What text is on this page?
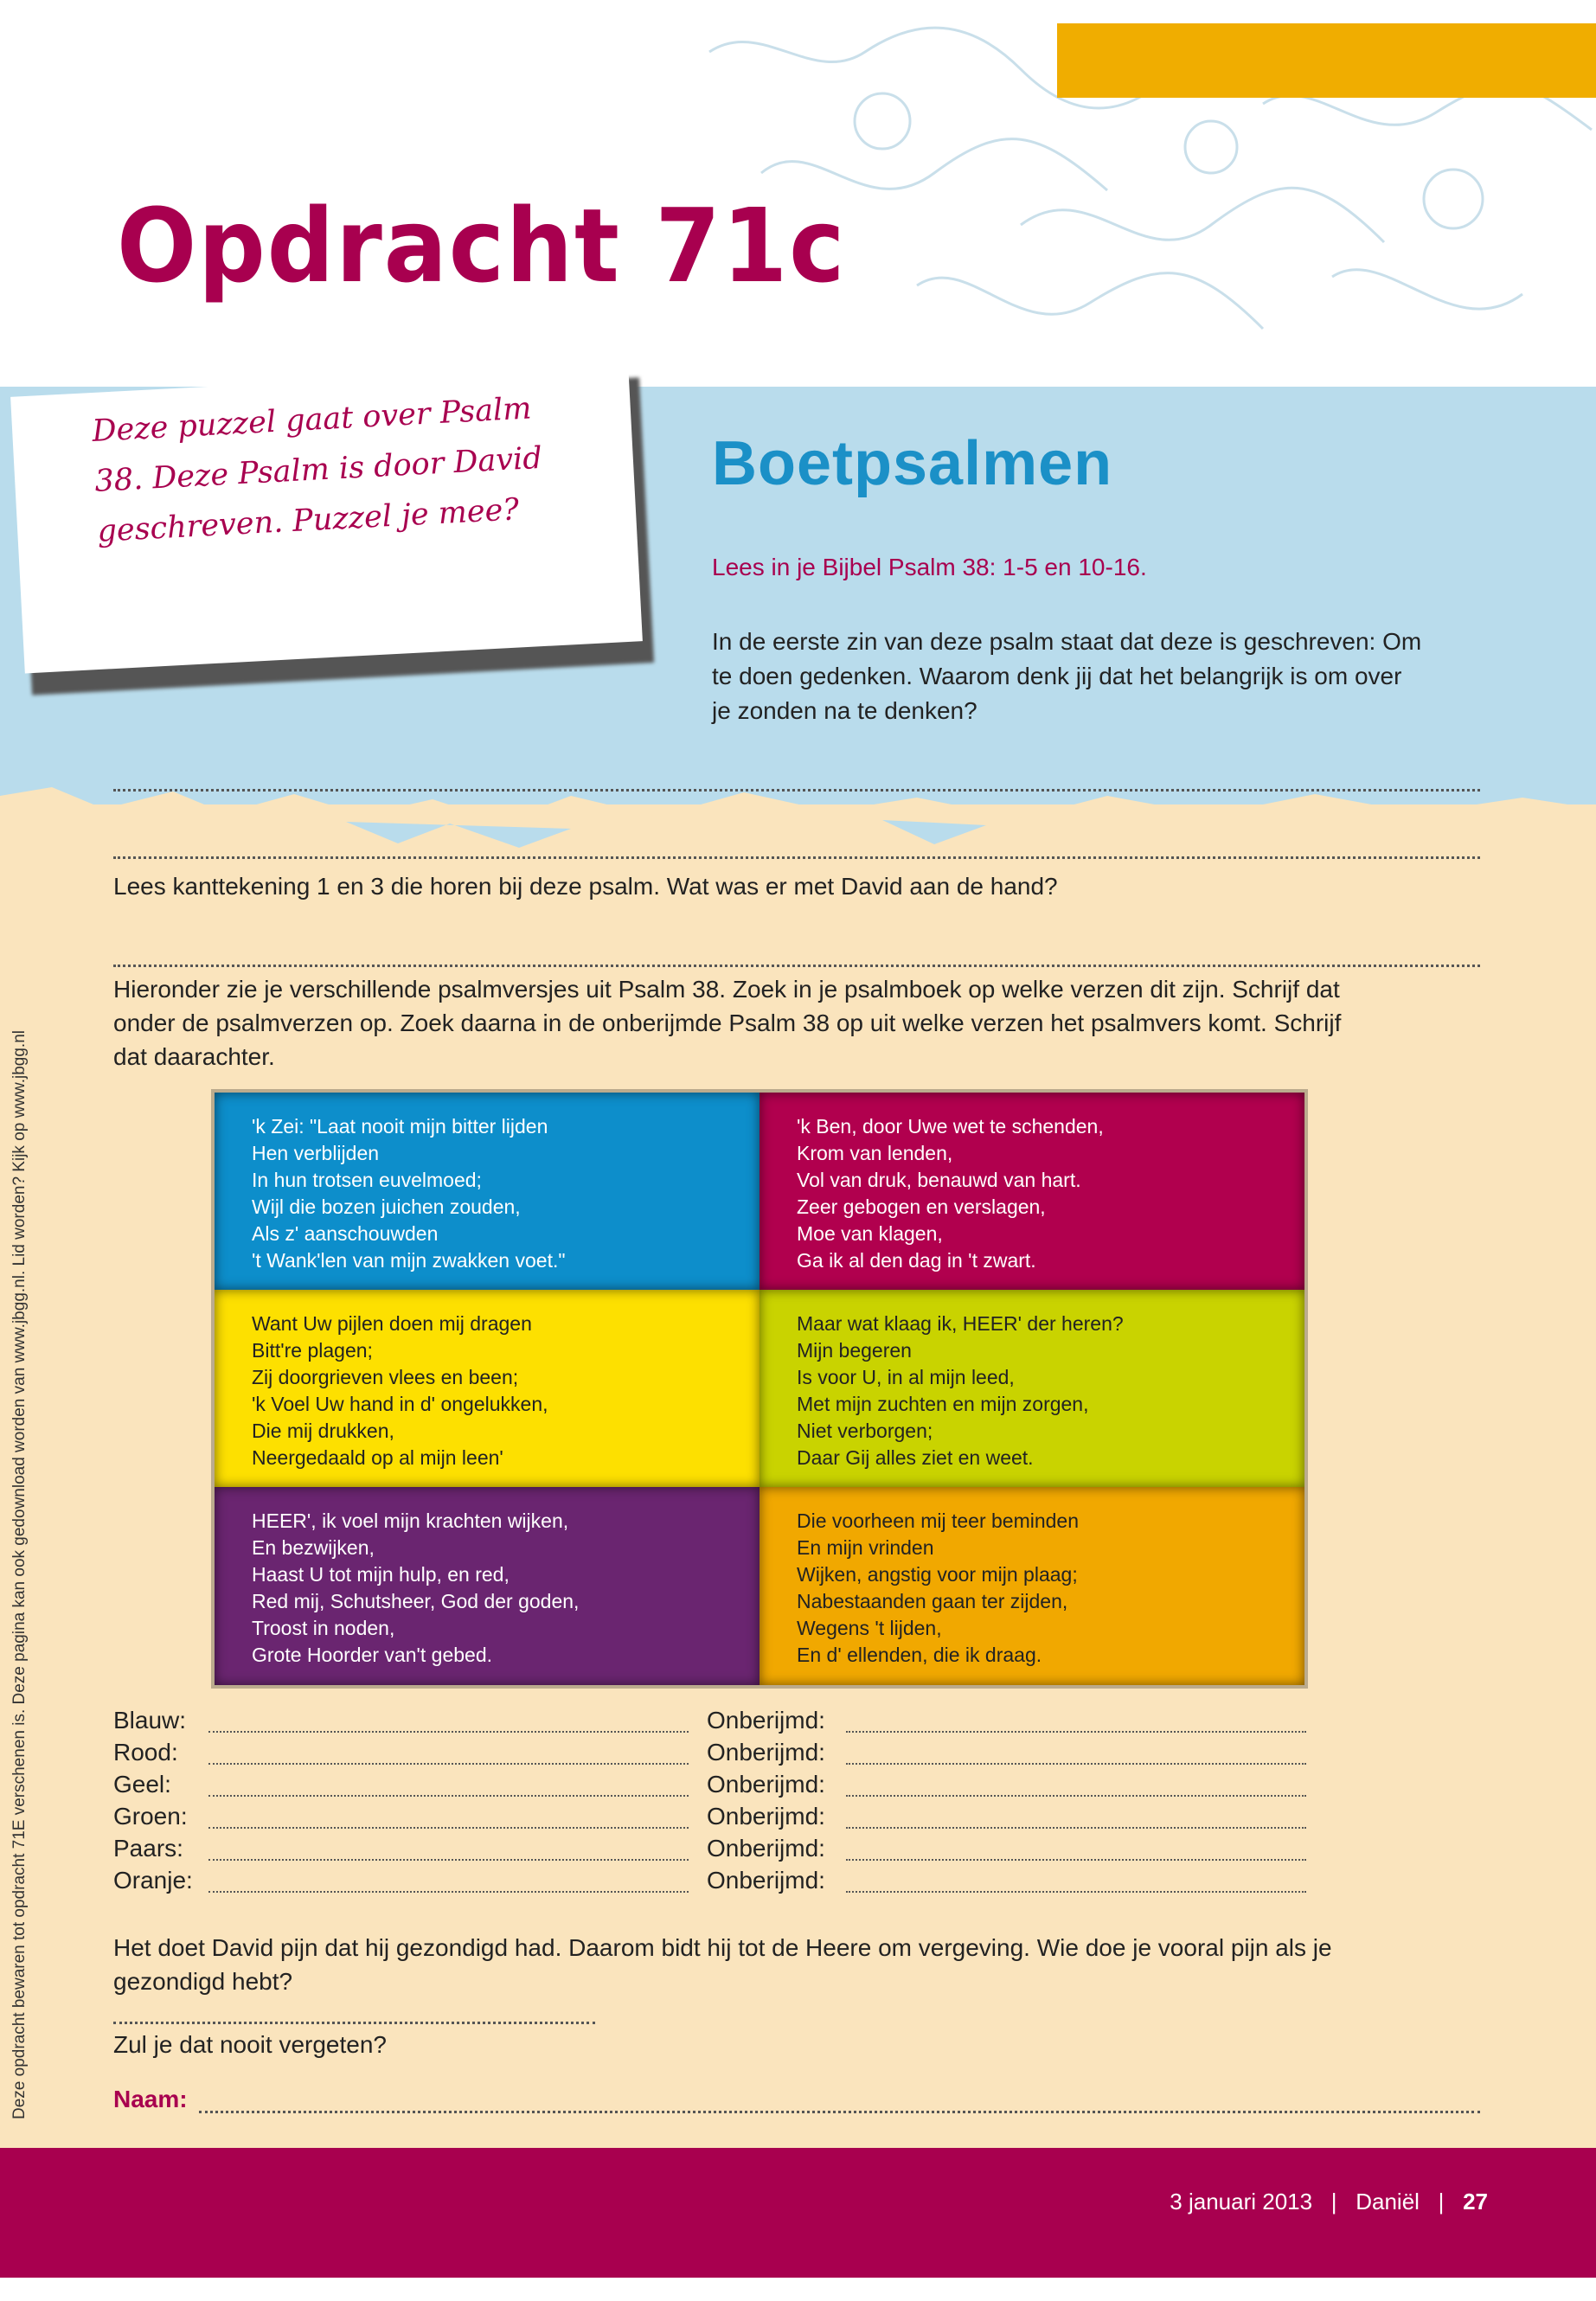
Opdracht 71c
Deze puzzel gaat over Psalm
38. Deze Psalm is door David
geschreven. Puzzel je mee?
Boetpsalmen
Lees in je Bijbel Psalm 38: 1-5 en 10-16.
In de eerste zin van deze psalm staat dat deze is geschreven: Om
te doen gedenken. Waarom denk jij dat het belangrijk is om over
je zonden na te denken?
Lees kanttekening 1 en 3 die horen bij deze psalm. Wat was er met David aan de hand?
Hieronder zie je verschillende psalmversjes uit Psalm 38. Zoek in je psalmboek op welke verzen dit zijn. Schrijf dat
onder de psalmverzen op. Zoek daarna in de onberijmde Psalm 38 op uit welke verzen het psalmvers komt. Schrijf
dat daarachter.
Deze opdracht bewaren tot opdracht 71E verschenen is. Deze pagina kan ook gedownload worden van www.jbgg.nl. Lid worden? Kijk op www.jbgg.nl	'k Zei: "Laat nooit mijn bitter lijden
Hen verblijden
In hun trotsen euvelmoed;
Wijl die bozen juichen zouden,
Als z' aanschouwden
't Wank'len van mijn zwakken voet."
'k Ben, door Uwe wet te schenden,
Krom van lenden,
Vol van druk, benauwd van hart.
Zeer gebogen en verslagen,
Moe van klagen,
Ga ik al den dag in 't zwart.
Want Uw pijlen doen mij dragen
Bitt're plagen;
Zij doorgrieven vlees en been;
'k Voel Uw hand in d' ongelukken,
Die mij drukken,
Neergedaald op al mijn leen'
Maar wat klaag ik, HEER' der heren?
Mijn begeren
Is voor U, in al mijn leed,
Met mijn zuchten en mijn zorgen,
Niet verborgen;
Daar Gij alles ziet en weet.
HEER', ik voel mijn krachten wijken,
En bezwijken,
Haast U tot mijn hulp, en red,
Red mij, Schutsheer, God der goden,
Troost in noden,
Grote Hoorder van't gebed.
Die voorheen mij teer beminden
En mijn vrinden
Wijken, angstig voor mijn plaag;
Nabestaanden gaan ter zijden,
Wegens 't lijden,
En d' ellenden, die ik draag.
Blauw:	Onberijmd:
Rood:	Onberijmd:
Geel:	Onberijmd:
Groen:	Onberijmd:
Paars:	Onberijmd:
Oranje:	Onberijmd:
Het doet David pijn dat hij gezondigd had. Daarom bidt hij tot de Heere om vergeving. Wie doe je vooral pijn als je
gezondigd hebt?
Zul je dat nooit vergeten?
Naam:
3 januari 2013   |   Daniël   |   27
